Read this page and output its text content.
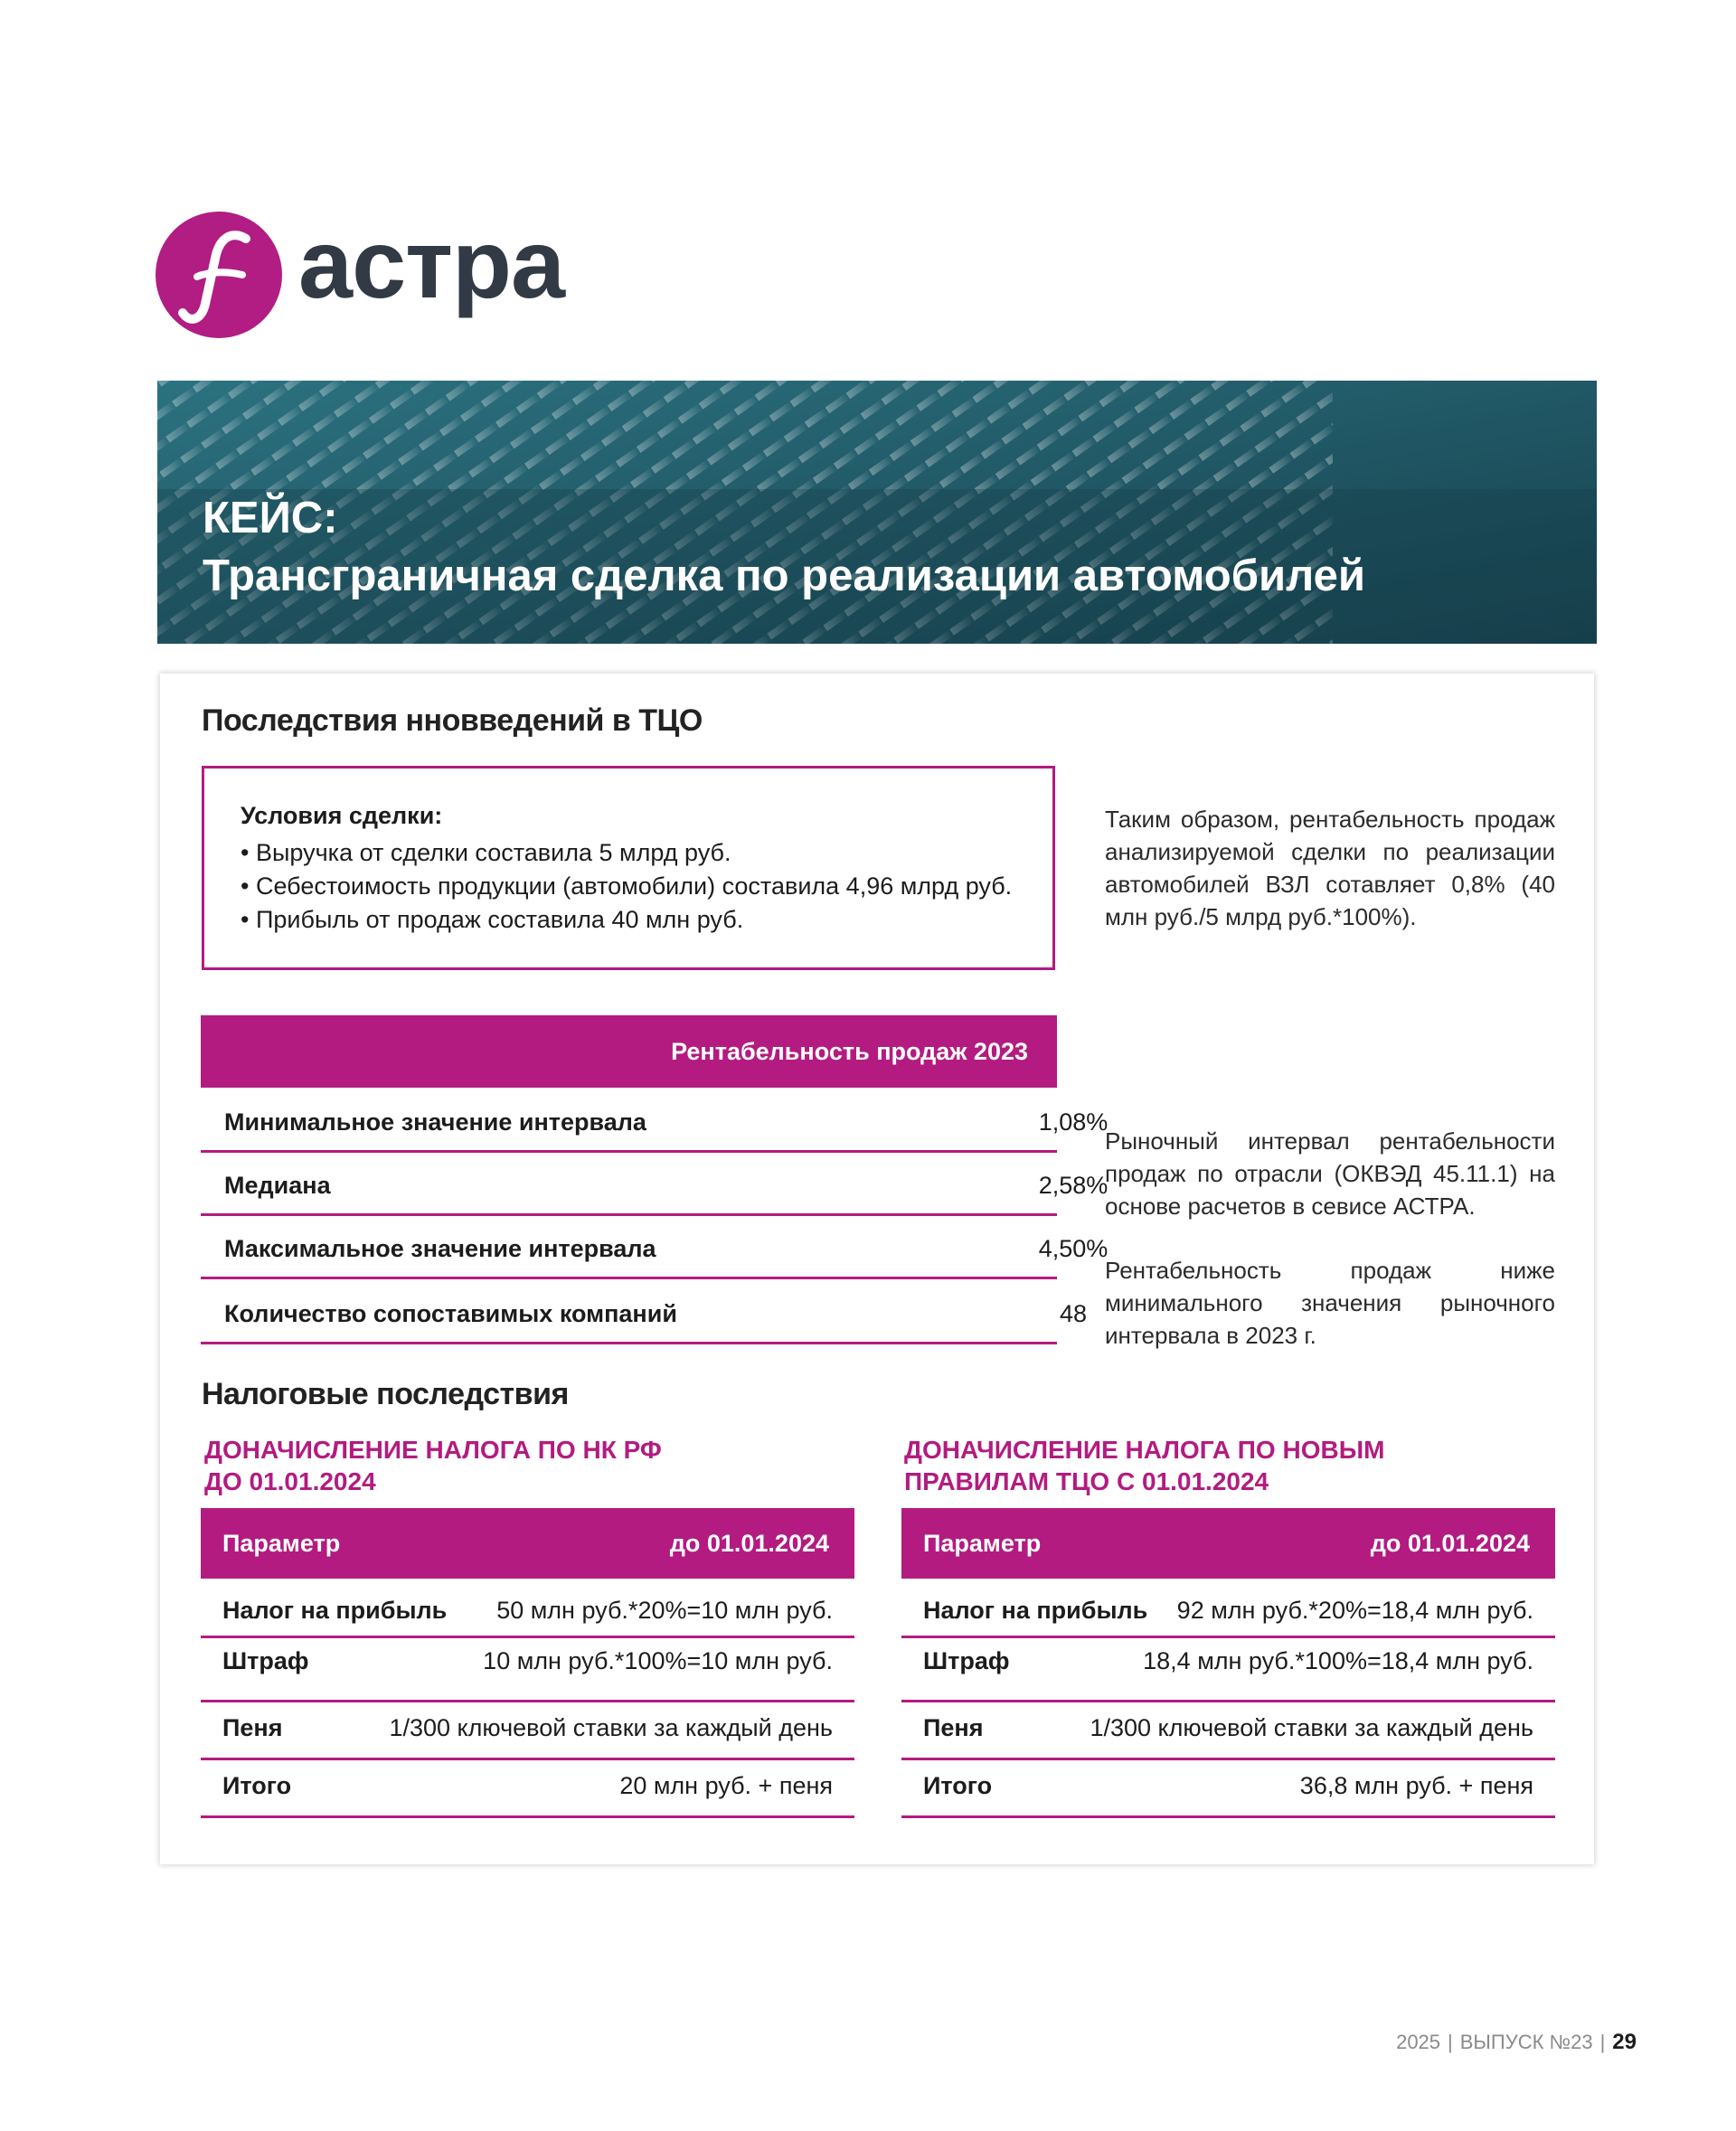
астра
КЕЙС:
Трансграничная сделка по реализации автомобилей
Последствия нновведений в ТЦО
Условия сделки:
• Выручка от сделки составила 5 млрд руб.
• Себестоимость продукции (автомобили) составила 4,96 млрд руб.
• Прибыль от продаж составила 40 млн руб.
Таким образом, рентабельность продаж анализируемой сделки по реализации автомобилей ВЗЛ сотавляет 0,8% (40 млн руб./5 млрд руб.*100%).
Рентабельность продаж 2023
Минимальное значение интервала	1,08%
Медиана	2,58%
Максимальное значение интервала	4,50%
Количество сопоставимых компаний	48
Рыночный интервал рентабельности продаж по отрасли (ОКВЭД 45.11.1) на основе расчетов в севисе АСТРА.
Рентабельность продаж ниже минимального значения рыночного интервала в 2023 г.
Налоговые последствия
ДОНАЧИСЛЕНИЕ НАЛОГА ПО НК РФ
ДО 01.01.2024
Параметр	до 01.01.2024
Налог на прибыль 50 млн руб.*20%=10 млн руб.
Штраф	10 млн руб.*100%=10 млн руб.
Пеня	1/300 ключевой ставки за каждый день
Итого	20 млн руб. + пеня
ДОНАЧИСЛЕНИЕ НАЛОГА ПО НОВЫМ
ПРАВИЛАМ ТЦО С 01.01.2024
Параметр	до 01.01.2024
Налог на прибыль 92 млн руб.*20%=18,4 млн руб.
Штраф	18,4 млн руб.*100%=18,4 млн руб.
Пеня	1/300 ключевой ставки за каждый день
Итого	36,8 млн руб. + пеня
2025 | ВЫПУСК №23 | 29
